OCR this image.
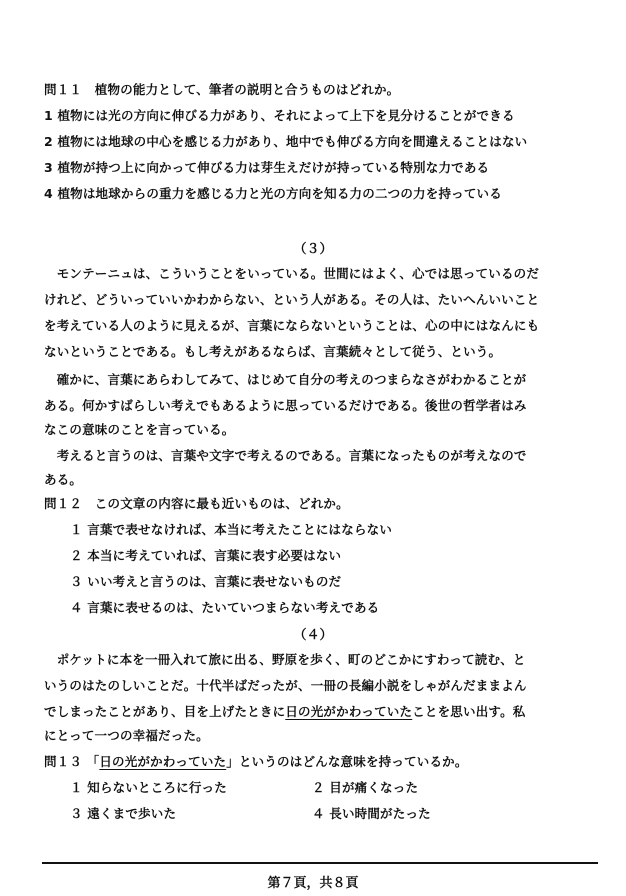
問１１　植物の能力として、筆者の説明と合うものはどれか。
1 植物には光の方向に伸びる力があり、それによって上下を見分けることができる
2 植物には地球の中心を感じる力があり、地中でも伸びる方向を間違えることはない
3 植物が持つ上に向かって伸びる力は芽生えだけが持っている特別な力である
4 植物は地球からの重力を感じる力と光の方向を知る力の二つの力を持っている
（３）
　モンテーニュは、こういうことをいっている。世間にはよく、心では思っているのだ
けれど、どういっていいかわからない、という人がある。その人は、たいへんいいこと
を考えている人のように見えるが、言葉にならないということは、心の中にはなんにも
ないということである。もし考えがあるならば、言葉続々として従う、という。
　確かに、言葉にあらわしてみて、はじめて自分の考えのつまらなさがわかることが
ある。何かすばらしい考えでもあるように思っているだけである。後世の哲学者はみ
なこの意味のことを言っている。
　考えると言うのは、言葉や文字で考えるのである。言葉になったものが考えなので
ある。
問１２　この文章の内容に最も近いものは、どれか。
１ 言葉で表せなければ、本当に考えたことにはならない
２ 本当に考えていれば、言葉に表す必要はない
３ いい考えと言うのは、言葉に表せないものだ
４ 言葉に表せるのは、たいていつまらない考えである
（４）
　ポケットに本を一冊入れて旅に出る、野原を歩く、町のどこかにすわって読む、と
いうのはたのしいことだ。十代半ばだったが、一冊の長編小説をしゃがんだままよん
でしまったことがあり、目を上げたときに日の光がかわっていたことを思い出す。私
にとって一つの幸福だった。
問１３ 「日の光がかわっていた」というのはどんな意味を持っているか。
１ 知らないところに行った	２ 目が痛くなった
３ 遠くまで歩いた	４ 長い時間がたった
第７頁，共８頁
